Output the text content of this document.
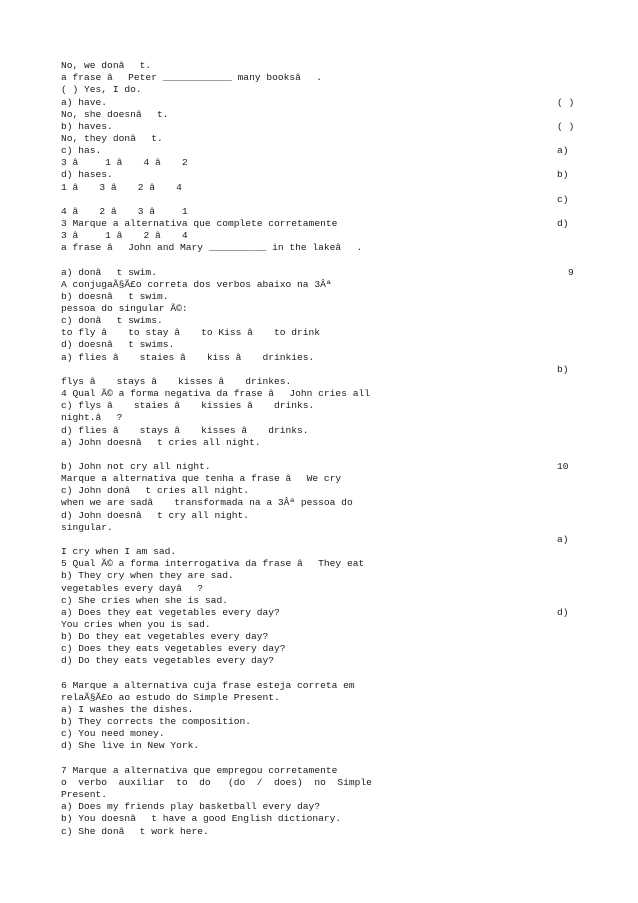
No, we donât.
a frase âPeter ____________ many booksâ.
( ) Yes, I do.
a) have.
No, she doesnât.
b) haves.
No, they donât.
c) has.
3 â  1 â 4 â 2
d) hases.
1 â 3 â 2 â 4
4 â 2 â 3 â  1
3 Marque a alternativa que complete corretamente
3 â  1 â 2 â 4
a frase âJohn and Mary __________ in the lakeâ.
a) donât swim.
A conjugaÃ§Ã£o correta dos verbos abaixo na 3Âª
b) doesnât swim.
pessoa do singular Ã©:
c) donât swims.
to fly â to stay â to Kiss â to drink
d) doesnât swims.
a) flies â staies â kiss â drinkies.
flys â stays â kisses â drinkes.
4 Qual Ã© a forma negativa da frase âJohn cries all
c) flys â staies â kissies â drinks.
night.â?
d) flies â stays â kisses â drinks.
a) John doesnât cries all night.
b) John not cry all night.
Marque a alternativa que tenha a frase âWe cry
c) John donât cries all night.
when we are sadâ transformada na a 3Âª pessoa do
d) John doesnât cry all night.
singular.
I cry when I am sad.
5 Qual Ã© a forma interrogativa da frase âThey eat
b) They cry when they are sad.
vegetables every dayâ?
c) She cries when she is sad.
a) Does they eat vegetables every day?
You cries when you is sad.
b) Do they eat vegetables every day?
c) Does they eats vegetables every day?
d) Do they eats vegetables every day?
6 Marque a alternativa cuja frase esteja correta em
relaÃ§Ã£o ao estudo do Simple Present.
a) I washes the dishes.
b) They corrects the composition.
c) You need money.
d) She live in New York.
7 Marque a alternativa que empregou corretamente
o  verbo  auxiliar  to  do   (do  /  does)  no  Simple
Present.
a) Does my friends play basketball every day?
b) You doesnât have a good English dictionary.
c) She donât work here.
( )
( )
a)
b)
c)
d)
9
b)
10
a)
d)
